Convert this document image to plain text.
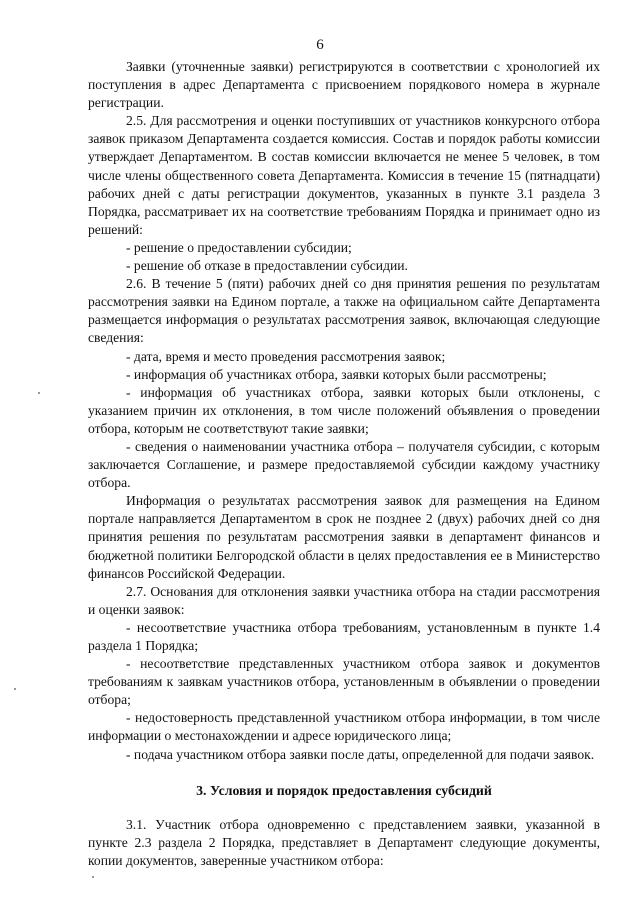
6

Заявки (уточненные заявки) регистрируются в соответствии с хронологией их поступления в адрес Департамента с присвоением порядкового номера в журнале регистрации.

2.5. Для рассмотрения и оценки поступивших от участников конкурсного отбора заявок приказом Департамента создается комиссия. Состав и порядок работы комиссии утверждает Департаментом. В состав комиссии включается не менее 5 человек, в том числе члены общественного совета Департамента. Комиссия в течение 15 (пятнадцати) рабочих дней с даты регистрации документов, указанных в пункте 3.1 раздела 3 Порядка, рассматривает их на соответствие требованиям Порядка и принимает одно из решений:

- решение о предоставлении субсидии;

- решение об отказе в предоставлении субсидии.

2.6. В течение 5 (пяти) рабочих дней со дня принятия решения по результатам рассмотрения заявки на Едином портале, а также на официальном сайте Департамента размещается информация о результатах рассмотрения заявок, включающая следующие сведения:

- дата, время и место проведения рассмотрения заявок;

- информация об участниках отбора, заявки которых были рассмотрены;

- информация об участниках отбора, заявки которых были отклонены, с указанием причин их отклонения, в том числе положений объявления о проведении отбора, которым не соответствуют такие заявки;

- сведения о наименовании участника отбора – получателя субсидии, с которым заключается Соглашение, и размере предоставляемой субсидии каждому участнику отбора.

Информация о результатах рассмотрения заявок для размещения на Едином портале направляется Департаментом в срок не позднее 2 (двух) рабочих дней со дня принятия решения по результатам рассмотрения заявки в департамент финансов и бюджетной политики Белгородской области в целях предоставления ее в Министерство финансов Российской Федерации.

2.7. Основания для отклонения заявки участника отбора на стадии рассмотрения и оценки заявок:

- несоответствие участника отбора требованиям, установленным в пункте 1.4 раздела 1 Порядка;

- несоответствие представленных участником отбора заявок и документов требованиям к заявкам участников отбора, установленным в объявлении о проведении отбора;

- недостоверность представленной участником отбора информации, в том числе информации о местонахождении и адресе юридического лица;

- подача участником отбора заявки после даты, определенной для подачи заявок.

3. Условия и порядок предоставления субсидий

3.1. Участник отбора одновременно с представлением заявки, указанной в пункте 2.3 раздела 2 Порядка, представляет в Департамент следующие документы, копии документов, заверенные участником отбора:
